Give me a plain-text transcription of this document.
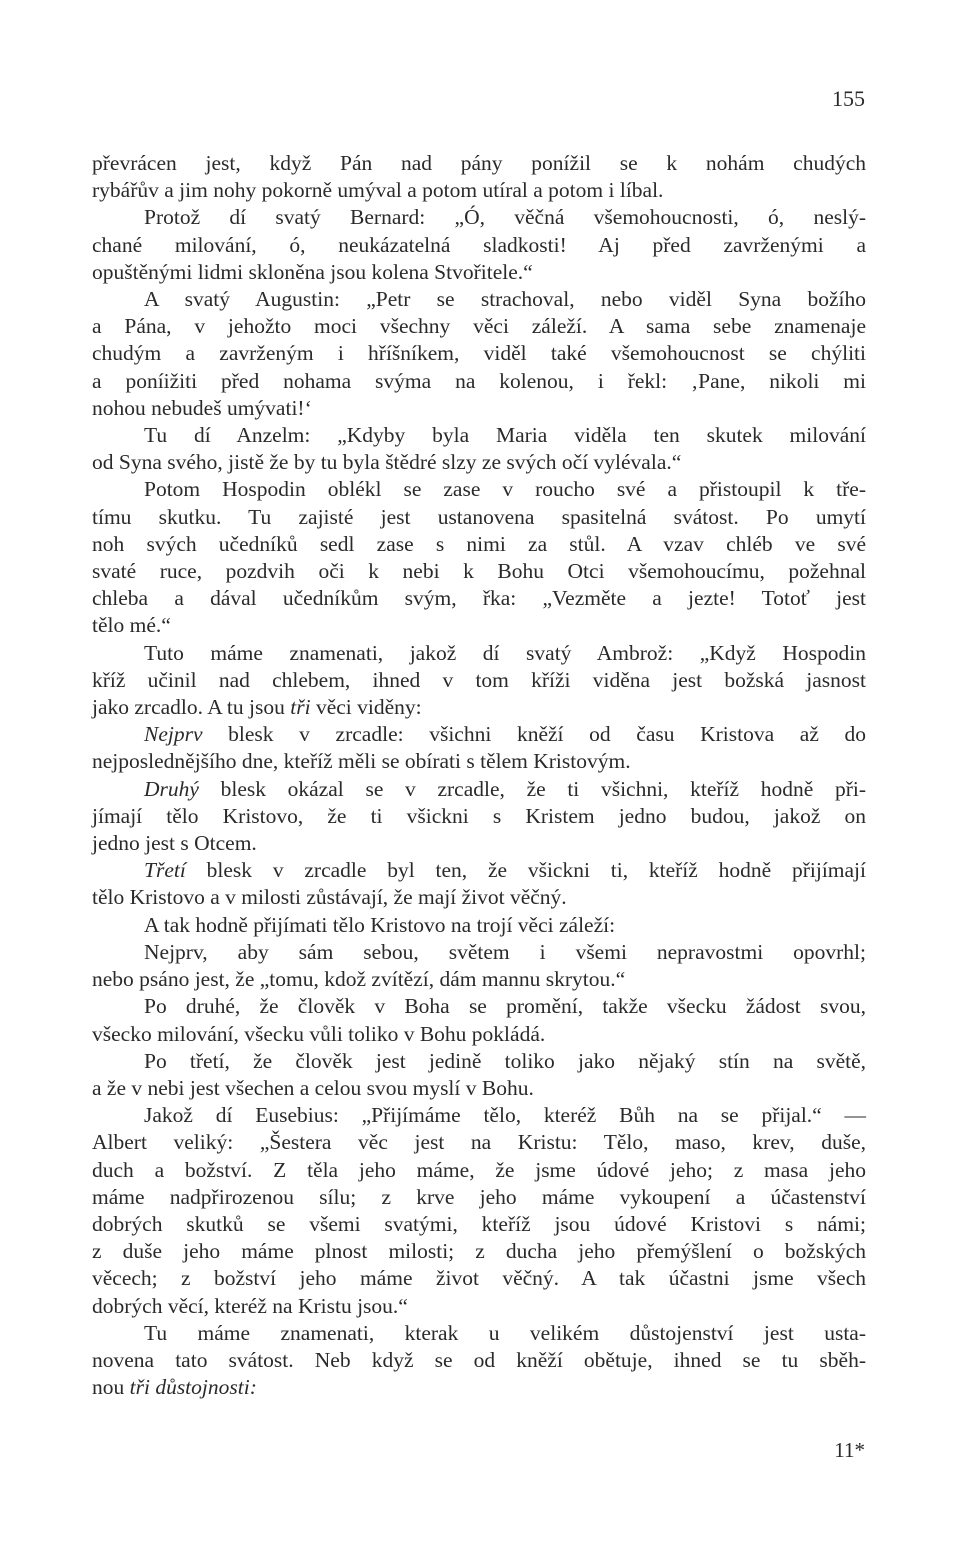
155
převrácen jest, když Pán nad pány ponížil se k nohám chudých
rybářův a jim nohy pokorně umýval a potom utíral a potom i líbal.
Protož dí svatý Bernard: „Ó, věčná všemohoucnosti, ó, neslý-
chané milování, ó, neukázatelná sladkosti! Aj před zavrženými a
opuštěnými lidmi skloněna jsou kolena Stvořitele.“
A svatý Augustin: „Petr se strachoval, nebo viděl Syna božího
a Pána, v jehožto moci všechny věci záleží. A sama sebe znamenaje
chudým a zavrženým i hříšníkem, viděl také všemohoucnost se chýliti
a poníižiti před nohama svýma na kolenou, i řekl: ‚Pane, nikoli mi
nohou nebudeš umývati!‘
Tu dí Anzelm: „Kdyby byla Maria viděla ten skutek milování
od Syna svého, jistě že by tu byla štědré slzy ze svých očí vylévala.“
Potom Hospodin oblékl se zase v roucho své a přistoupil k tře-
tímu skutku. Tu zajisté jest ustanovena spasitelná svátost. Po umytí
noh svých učedníků sedl zase s nimi za stůl. A vzav chléb ve své
svaté ruce, pozdvih oči k nebi k Bohu Otci všemohoucímu, požehnal
chleba a dával učedníkům svým, řka: „Vezměte a jezte! Totoť jest
tělo mé.“
Tuto máme znamenati, jakož dí svatý Ambrož: „Když Hospodin
kříž učinil nad chlebem, ihned v tom kříži viděna jest božská jasnost
jako zrcadlo. A tu jsou tři věci viděny:
Nejprv blesk v zrcadle: všichni kněží od času Kristova až do
nejposlednějšího dne, kteříž měli se obírati s tělem Kristovým.
Druhý blesk okázal se v zrcadle, že ti všichni, kteříž hodně při-
jímají tělo Kristovo, že ti všickni s Kristem jedno budou, jakož on
jedno jest s Otcem.
Třetí blesk v zrcadle byl ten, že všickni ti, kteříž hodně přijímají
tělo Kristovo a v milosti zůstávají, že mají život věčný.
A tak hodně přijímati tělo Kristovo na trojí věci záleží:
Nejprv, aby sám sebou, světem i všemi nepravostmi opovrhl;
nebo psáno jest, že „tomu, kdož zvítězí, dám mannu skrytou.“
Po druhé, že člověk v Boha se promění, takže všecku žádost svou,
všecko milování, všecku vůli toliko v Bohu pokládá.
Po třetí, že člověk jest jedině toliko jako nějaký stín na světě,
a že v nebi jest všechen a celou svou myslí v Bohu.
Jakož dí Eusebius: „Přijímáme tělo, kteréž Bůh na se přijal.“ —
Albert veliký: „Šestera věc jest na Kristu: Tělo, maso, krev, duše,
duch a božství. Z těla jeho máme, že jsme údové jeho; z masa jeho
máme nadpřirozenou sílu; z krve jeho máme vykoupení a účastenství
dobrých skutků se všemi svatými, kteříž jsou údové Kristovi s námi;
z duše jeho máme plnost milosti; z ducha jeho přemýšlení o božských
věcech; z božství jeho máme život věčný. A tak účastni jsme všech
dobrých věcí, kteréž na Kristu jsou.“
Tu máme znamenati, kterak u velikém důstojenství jest usta-
novena tato svátost. Neb když se od kněží obětuje, ihned se tu sběh-
nou tři důstojnosti:
11*
